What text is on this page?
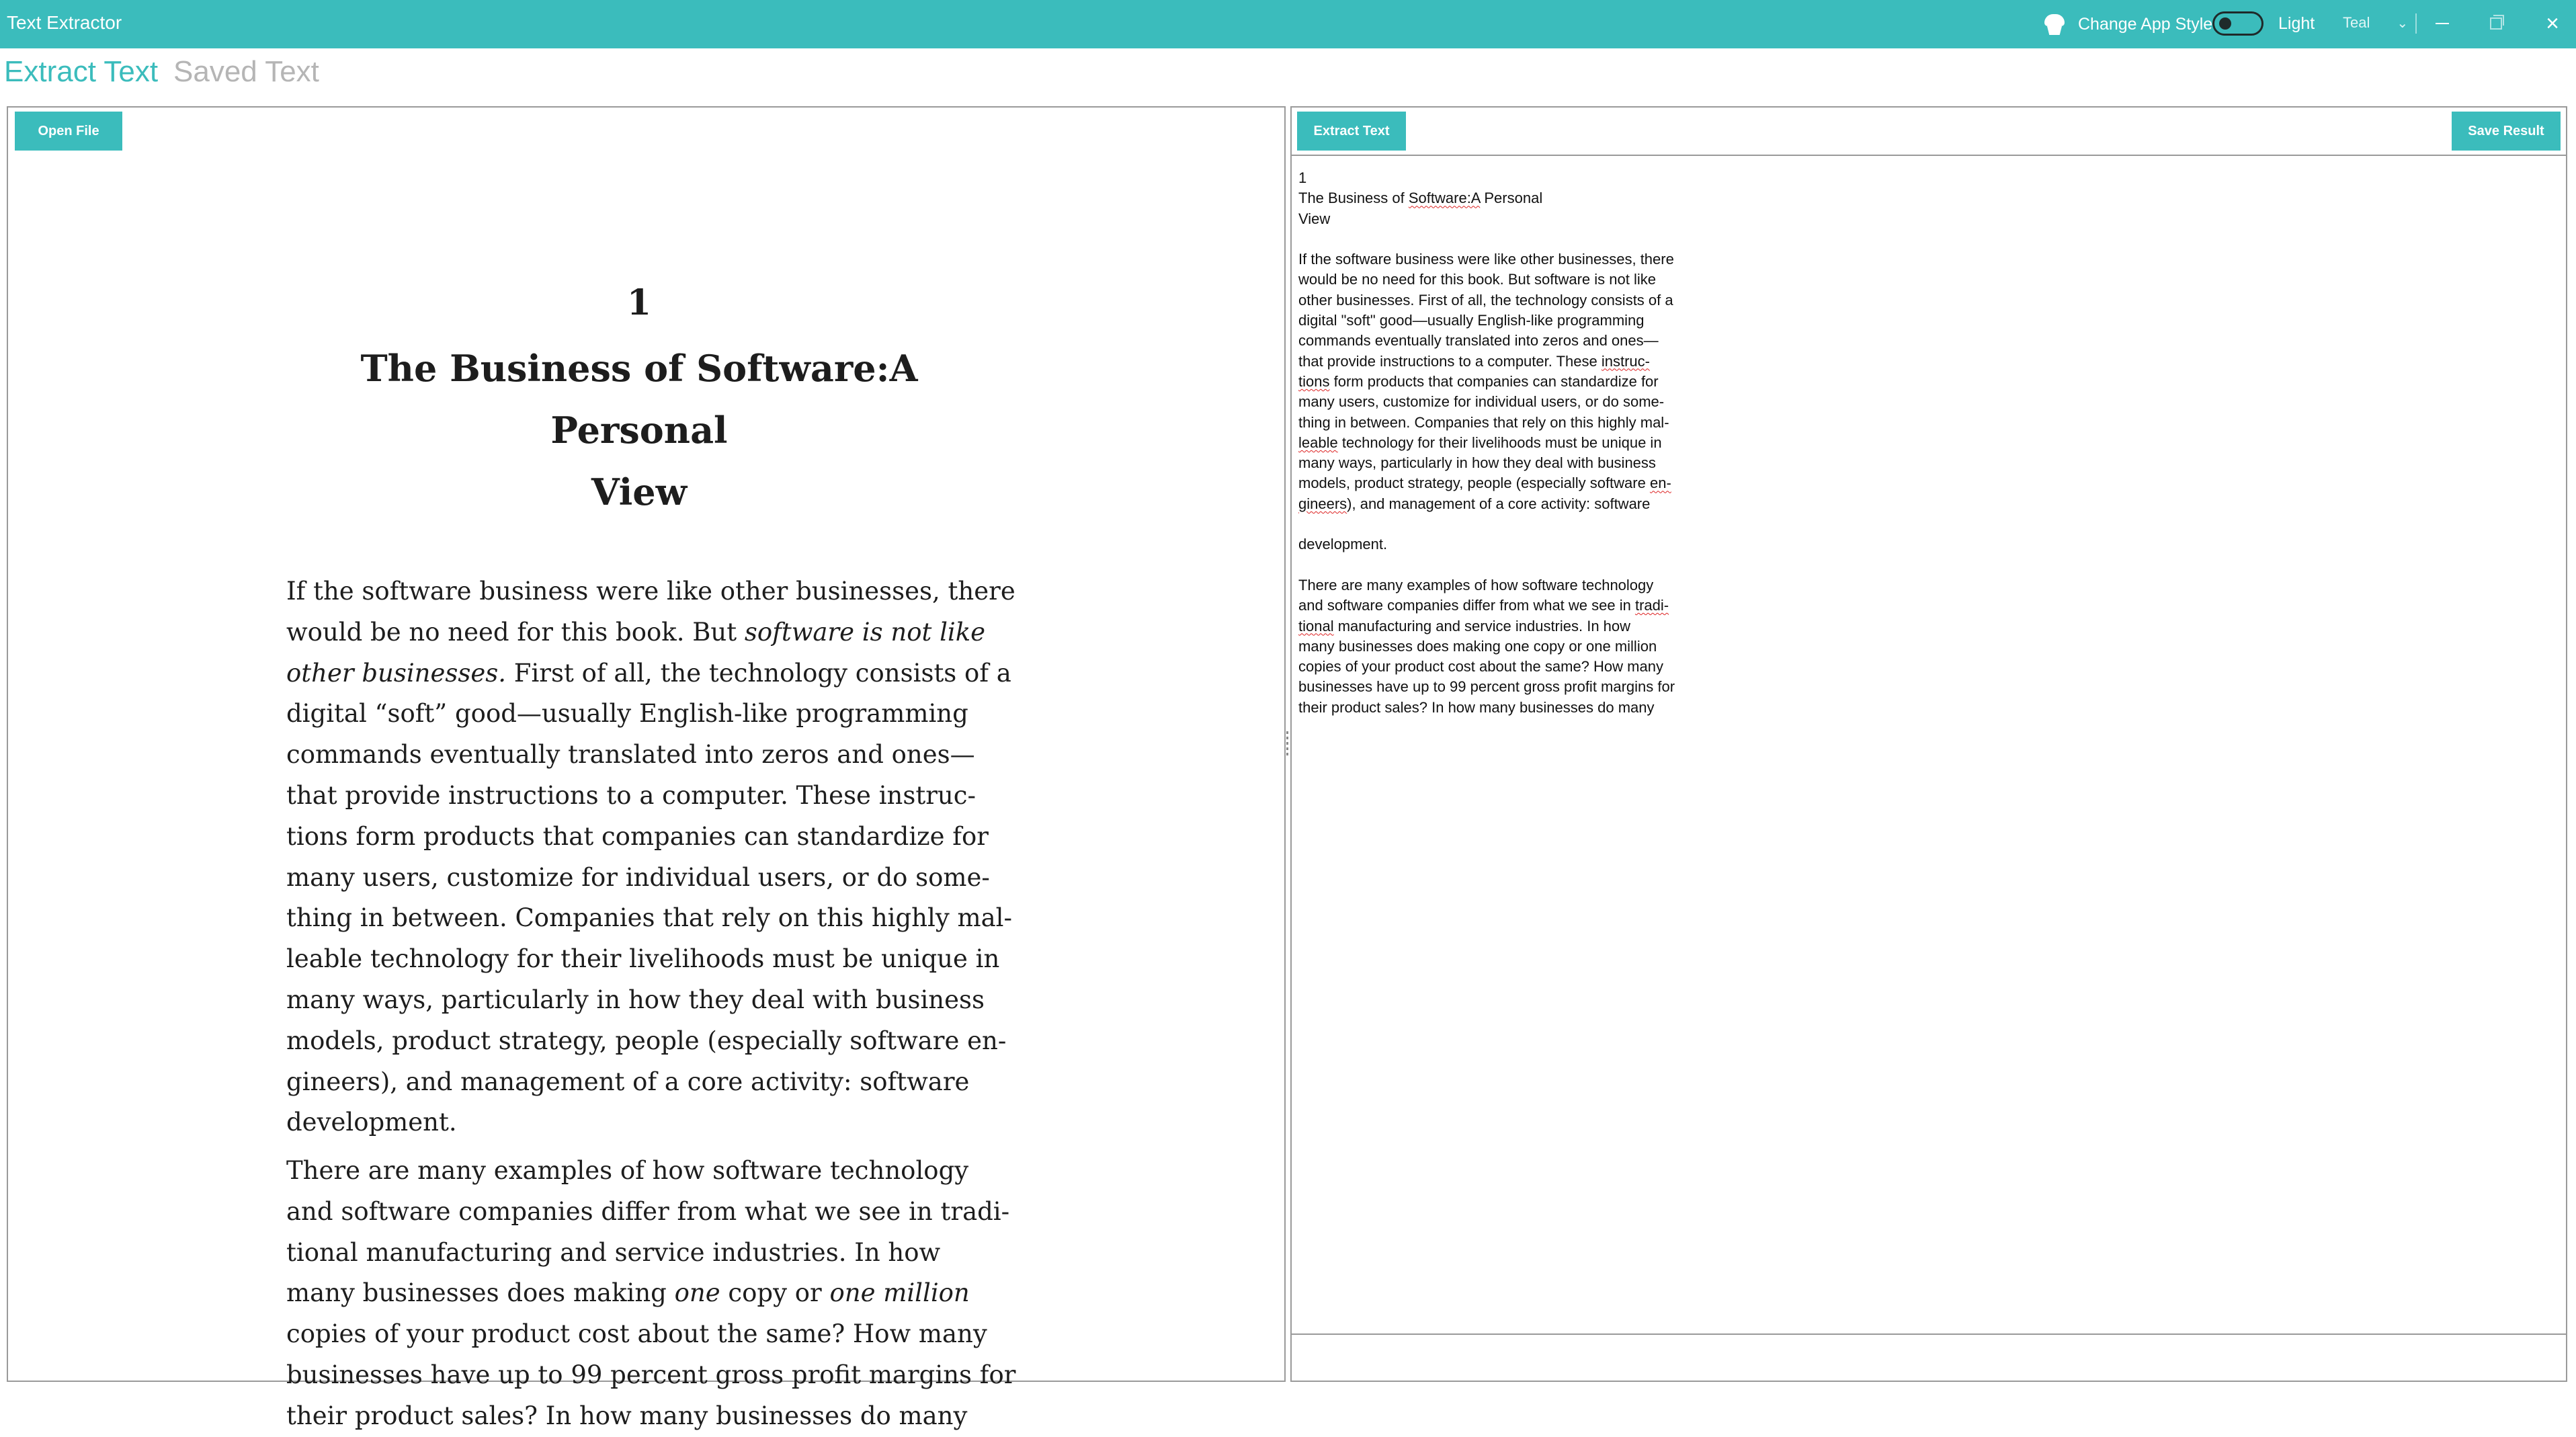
Text Extractor	Change App Style	Light Teal ⌄	×
Extract Text Saved Text
Open File
1
The Business of Software:A Personal
View
If the software business were like other businesses, there
would be no need for this book. But software is not like
other businesses. First of all, the technology consists of a
digital “soft” good—usually English-like programming
commands eventually translated into zeros and ones—
that provide instructions to a computer. These instruc-
tions form products that companies can standardize for
many users, customize for individual users, or do some-
thing in between. Companies that rely on this highly mal-
leable technology for their livelihoods must be unique in
many ways, particularly in how they deal with business
models, product strategy, people (especially software en-
gineers), and management of a core activity: software
development.
There are many examples of how software technology
and software companies differ from what we see in tradi-
tional manufacturing and service industries. In how
many businesses does making one copy or one million
copies of your product cost about the same? How many
businesses have up to 99 percent gross profit margins for
their product sales? In how many businesses do many
Extract Text	Save Result
1
The Business of Software:A Personal
View
If the software business were like other businesses, there
would be no need for this book. But software is not like
other businesses. First of all, the technology consists of a
digital "soft" good—usually English-like programming
commands eventually translated into zeros and ones—
that provide instructions to a computer. These instruc-
tions form products that companies can standardize for
many users, customize for individual users, or do some-
thing in between. Companies that rely on this highly mal-
leable technology for their livelihoods must be unique in
many ways, particularly in how they deal with business
models, product strategy, people (especially software en-
gineers), and management of a core activity: software
development.
There are many examples of how software technology
and software companies differ from what we see in tradi-
tional manufacturing and service industries. In how
many businesses does making one copy or one million
copies of your product cost about the same? How many
businesses have up to 99 percent gross profit margins for
their product sales? In how many businesses do many
